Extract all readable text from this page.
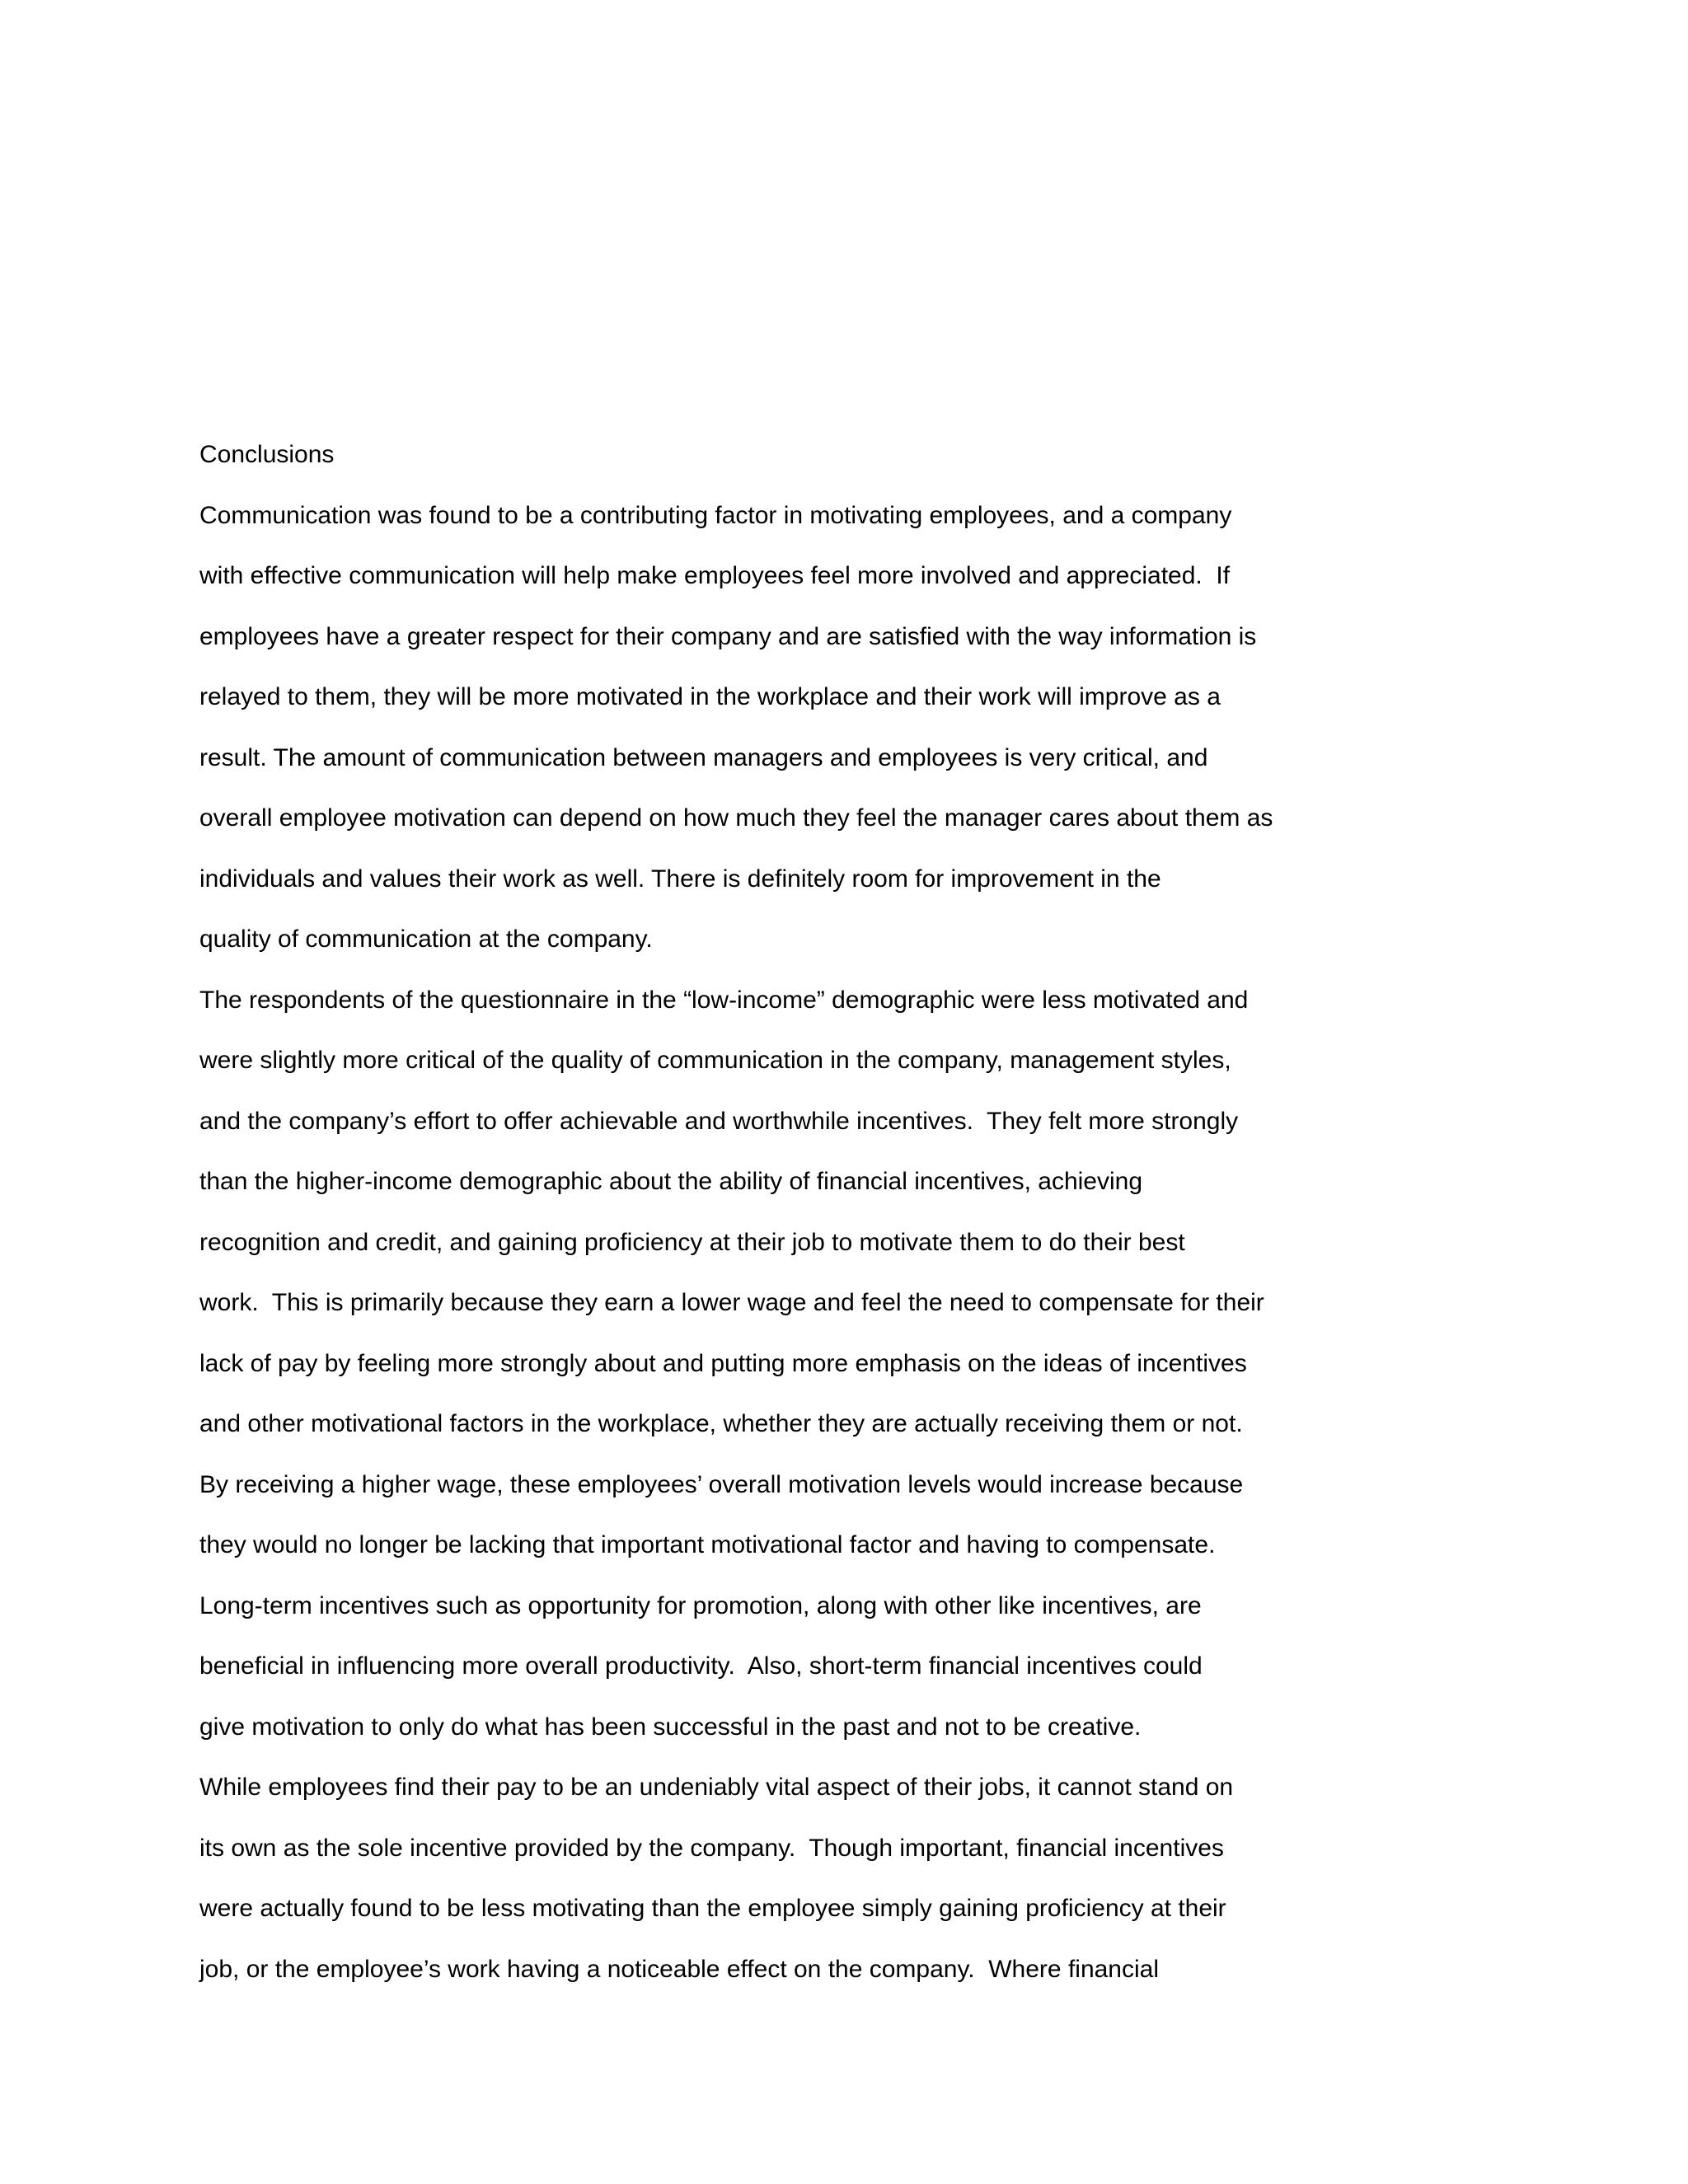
Conclusions
Communication was found to be a contributing factor in motivating employees, and a company
with effective communication will help make employees feel more involved and appreciated.  If
employees have a greater respect for their company and are satisfied with the way information is
relayed to them, they will be more motivated in the workplace and their work will improve as a
result. The amount of communication between managers and employees is very critical, and
overall employee motivation can depend on how much they feel the manager cares about them as
individuals and values their work as well. There is definitely room for improvement in the
quality of communication at the company.
The respondents of the questionnaire in the “low-income” demographic were less motivated and
were slightly more critical of the quality of communication in the company, management styles,
and the company’s effort to offer achievable and worthwhile incentives.  They felt more strongly
than the higher-income demographic about the ability of financial incentives, achieving
recognition and credit, and gaining proficiency at their job to motivate them to do their best
work.  This is primarily because they earn a lower wage and feel the need to compensate for their
lack of pay by feeling more strongly about and putting more emphasis on the ideas of incentives
and other motivational factors in the workplace, whether they are actually receiving them or not.
By receiving a higher wage, these employees’ overall motivation levels would increase because
they would no longer be lacking that important motivational factor and having to compensate.
Long-term incentives such as opportunity for promotion, along with other like incentives, are
beneficial in influencing more overall productivity.  Also, short-term financial incentives could
give motivation to only do what has been successful in the past and not to be creative.
While employees find their pay to be an undeniably vital aspect of their jobs, it cannot stand on
its own as the sole incentive provided by the company.  Though important, financial incentives
were actually found to be less motivating than the employee simply gaining proficiency at their
job, or the employee’s work having a noticeable effect on the company.  Where financial
